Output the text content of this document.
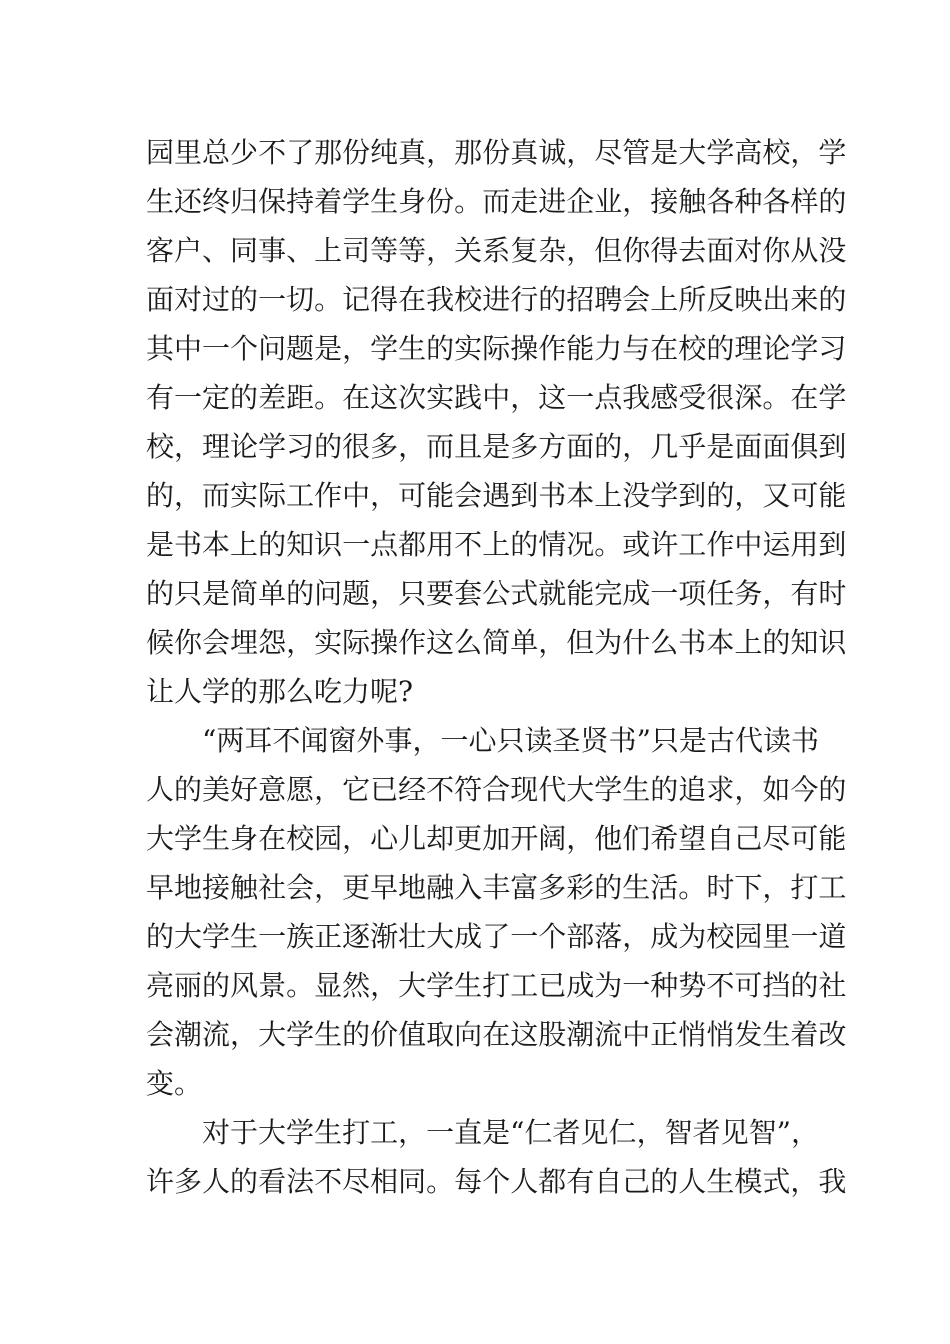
园 里 总 少 不 了 那 份 纯 真 ， 那 份 真 诚 ， 尽 管 是 大 学 高 校 ， 学
生 还 终 归 保 持 着 学 生 身 份 。 而 走 进 企 业 ， 接 触 各 种 各 样 的
客 户 、 同 事 、 上 司 等 等 ， 关 系 复 杂 ， 但 你 得 去 面 对 你 从 没
面 对 过 的 一 切 。 记 得 在 我 校 进 行 的 招 聘 会 上 所 反 映 出 来 的
其 中 一 个 问 题 是 ， 学 生 的 实 际 操 作 能 力 与 在 校 的 理 论 学 习
有 一 定 的 差 距 。 在 这 次 实 践 中 ， 这 一 点 我 感 受 很 深 。 在 学
校 ， 理 论 学 习 的 很 多 ， 而 且 是 多 方 面 的 ， 几 乎 是 面 面 俱 到
的 ， 而 实 际 工 作 中 ， 可 能 会 遇 到 书 本 上 没 学 到 的 ， 又 可 能
是 书 本 上 的 知 识 一 点 都 用 不 上 的 情 况 。 或 许 工 作 中 运 用 到
的 只 是 简 单 的 问 题 ， 只 要 套 公 式 就 能 完 成 一 项 任 务 ， 有 时
候 你 会 埋 怨 ， 实 际 操 作 这 么 简 单 ， 但 为 什 么 书 本 上 的 知 识
让人学的那么吃力呢?
“ 两 耳 不 闻 窗 外 事 ， 一 心 只 读 圣 贤 书 ” 只 是 古 代 读 书
人 的 美 好 意 愿 ， 它 已 经 不 符 合 现 代 大 学 生 的 追 求 ， 如 今 的
大 学 生 身 在 校 园 ， 心 儿 却 更 加 开 阔 ， 他 们 希 望 自 己 尽 可 能
早 地 接 触 社 会 ， 更 早 地 融 入 丰 富 多 彩 的 生 活 。 时 下 ， 打 工
的 大 学 生 一 族 正 逐 渐 壮 大 成 了 一 个 部 落 ， 成 为 校 园 里 一 道
亮 丽 的 风 景 。 显 然 ， 大 学 生 打 工 已 成 为 一 种 势 不 可 挡 的 社
会 潮 流 ， 大 学 生 的 价 值 取 向 在 这 股 潮 流 中 正 悄 悄 发 生 着 改
变。
对 于 大 学 生 打 工 ， 一 直 是 “ 仁 者 见 仁 ， 智 者 见 智 ” ，
许 多 人 的 看 法 不 尽 相 同 。 每 个 人 都 有 自 己 的 人 生 模 式 ， 我
